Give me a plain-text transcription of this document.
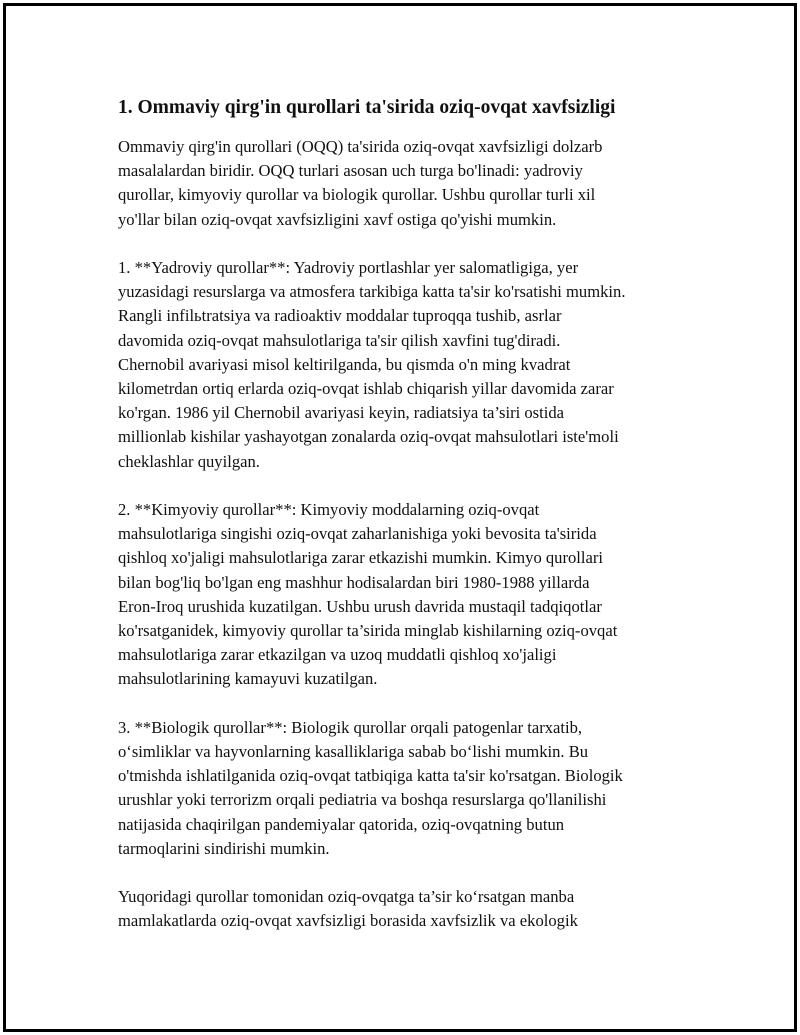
1. Ommaviy qirg'in qurollari ta'sirida oziq-ovqat xavfsizligi
Ommaviy qirg'in qurollari (OQQ) ta'sirida oziq-ovqat xavfsizligi dolzarb
masalalardan biridir. OQQ turlari asosan uch turga bo'linadi: yadroviy
qurollar, kimyoviy qurollar va biologik qurollar. Ushbu qurollar turli xil
yo'llar bilan oziq-ovqat xavfsizligini xavf ostiga qo'yishi mumkin.
1. **Yadroviy qurollar**: Yadroviy portlashlar yer salomatligiga, yer
yuzasidagi resurslarga va atmosfera tarkibiga katta ta'sir ko'rsatishi mumkin.
Rangli infilьtratsiya va radioaktiv moddalar tuproqqa tushib, asrlar
davomida oziq-ovqat mahsulotlariga ta'sir qilish xavfini tug'diradi.
Chernobil avariyasi misol keltirilganda, bu qismda o'n ming kvadrat
kilometrdan ortiq erlarda oziq-ovqat ishlab chiqarish yillar davomida zarar
ko'rgan. 1986 yil Chernobil avariyasi keyin, radiatsiya ta’siri ostida
millionlab kishilar yashayotgan zonalarda oziq-ovqat mahsulotlari iste'moli
cheklashlar quyilgan.
2. **Kimyoviy qurollar**: Kimyoviy moddalarning oziq-ovqat
mahsulotlariga singishi oziq-ovqat zaharlanishiga yoki bevosita ta'sirida
qishloq xo'jaligi mahsulotlariga zarar etkazishi mumkin. Kimyo qurollari
bilan bog'liq bo'lgan eng mashhur hodisalardan biri 1980-1988 yillarda
Eron-Iroq urushida kuzatilgan. Ushbu urush davrida mustaqil tadqiqotlar
ko'rsatganidek, kimyoviy qurollar ta’sirida minglab kishilarning oziq-ovqat
mahsulotlariga zarar etkazilgan va uzoq muddatli qishloq xo'jaligi
mahsulotlarining kamayuvi kuzatilgan.
3. **Biologik qurollar**: Biologik qurollar orqali patogenlar tarxatib,
o‘simliklar va hayvonlarning kasalliklariga sabab bo‘lishi mumkin. Bu
o'tmishda ishlatilganida oziq-ovqat tatbiqiga katta ta'sir ko'rsatgan. Biologik
urushlar yoki terrorizm orqali pediatria va boshqa resurslarga qo'llanilishi
natijasida chaqirilgan pandemiyalar qatorida, oziq-ovqatning butun
tarmoqlarini sindirishi mumkin.
Yuqoridagi qurollar tomonidan oziq-ovqatga ta’sir ko‘rsatgan manba
mamlakatlarda oziq-ovqat xavfsizligi borasida xavfsizlik va ekologik
